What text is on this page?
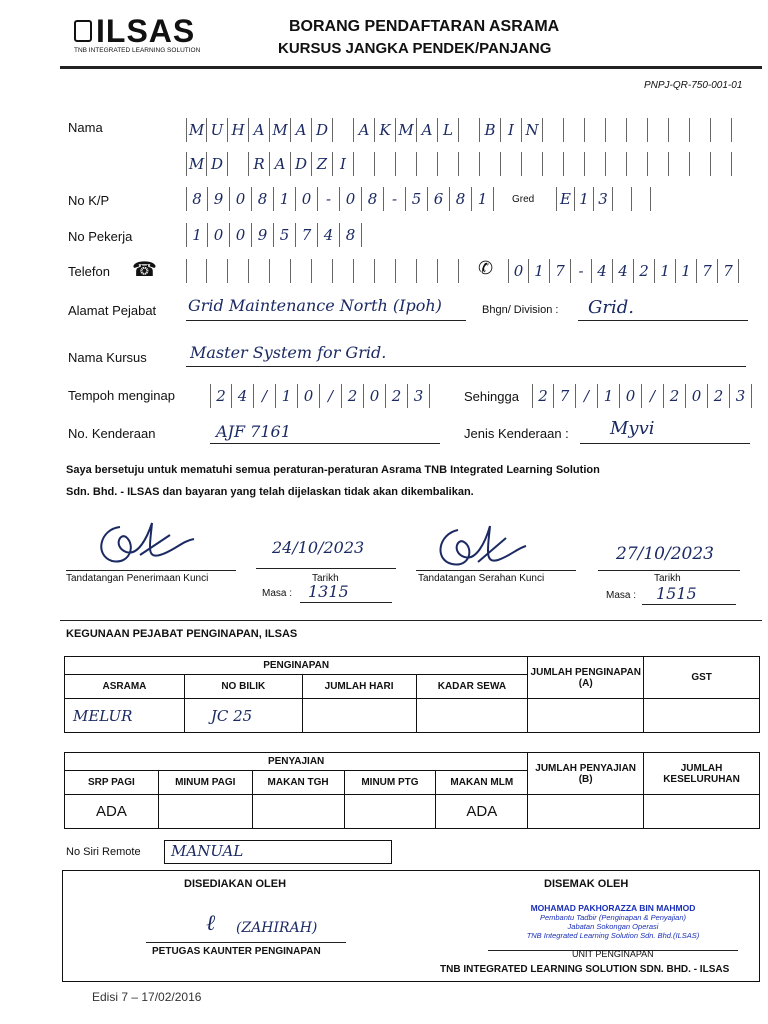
ILSAS
TNB INTEGRATED LEARNING SOLUTION
BORANG PENDAFTARAN ASRAMA
KURSUS JANGKA PENDEK/PANJANG
PNPJ-QR-750-001-01
Nama	M U H A M A D	A K M A L	B I N
M D	R A D Z I
No K/P	8 9 0 8 1 0 - 0 8 - 5 6 8 1	Gred E 1 3
No Pekerja	1 0 0 9 5 7 4 8
Telefon ☎	✆	0 1 7 - 4 4 2 1 1 7 7
Alamat Pejabat Grid Maintenance North (Ipoh)	Bhgn/ Division : Grid.
Nama Kursus	Master System for Grid.
Tempoh menginap	2 4 / 1 0 / 2 0 2 3	Sehingga	2 7 / 1 0 / 2 0 2 3
No. Kenderaan	AJF 7161	Jenis Kenderaan : Myvi
Saya bersetuju untuk mematuhi semua peraturan-peraturan Asrama TNB Integrated Learning Solution
Sdn. Bhd. - ILSAS dan bayaran yang telah dijelaskan tidak akan dikembalikan.
Tandatangan Penerimaan Kunci
24/10/2023
Tarikh
Masa : 1315
Tandatangan Serahan Kunci
27/10/2023
Tarikh
Masa : 1515
KEGUNAAN PEJABAT PENGINAPAN, ILSAS
PENGINAPAN				JUMLAH PENGINAPAN (A)	GST
ASRAMA	NO BILIK	JUMLAH HARI	KADAR SEWA		
MELUR	JC 25				
PENYAJIAN					JUMLAH PENYAJIAN (B)	JUMLAH KESELURUHAN
SRP PAGI	MINUM PAGI	MAKAN TGH	MINUM PTG	MAKAN MLM		
ADA				ADA		
No Siri Remote MANUAL
DISEDIAKAN OLEH	DISEMAK OLEH
(ZAHIRAH)
ℓ
PETUGAS KAUNTER PENGINAPAN
MOHAMAD PAKHORAZZA BIN MAHMOD
Pembantu Tadbir (Penginapan & Penyajian)
Jabatan Sokongan Operasi
TNB Integrated Learning Solution Sdn. Bhd.(ILSAS)
UNIT PENGINAPAN
TNB INTEGRATED LEARNING SOLUTION SDN. BHD. - ILSAS
Edisi 7 – 17/02/2016
